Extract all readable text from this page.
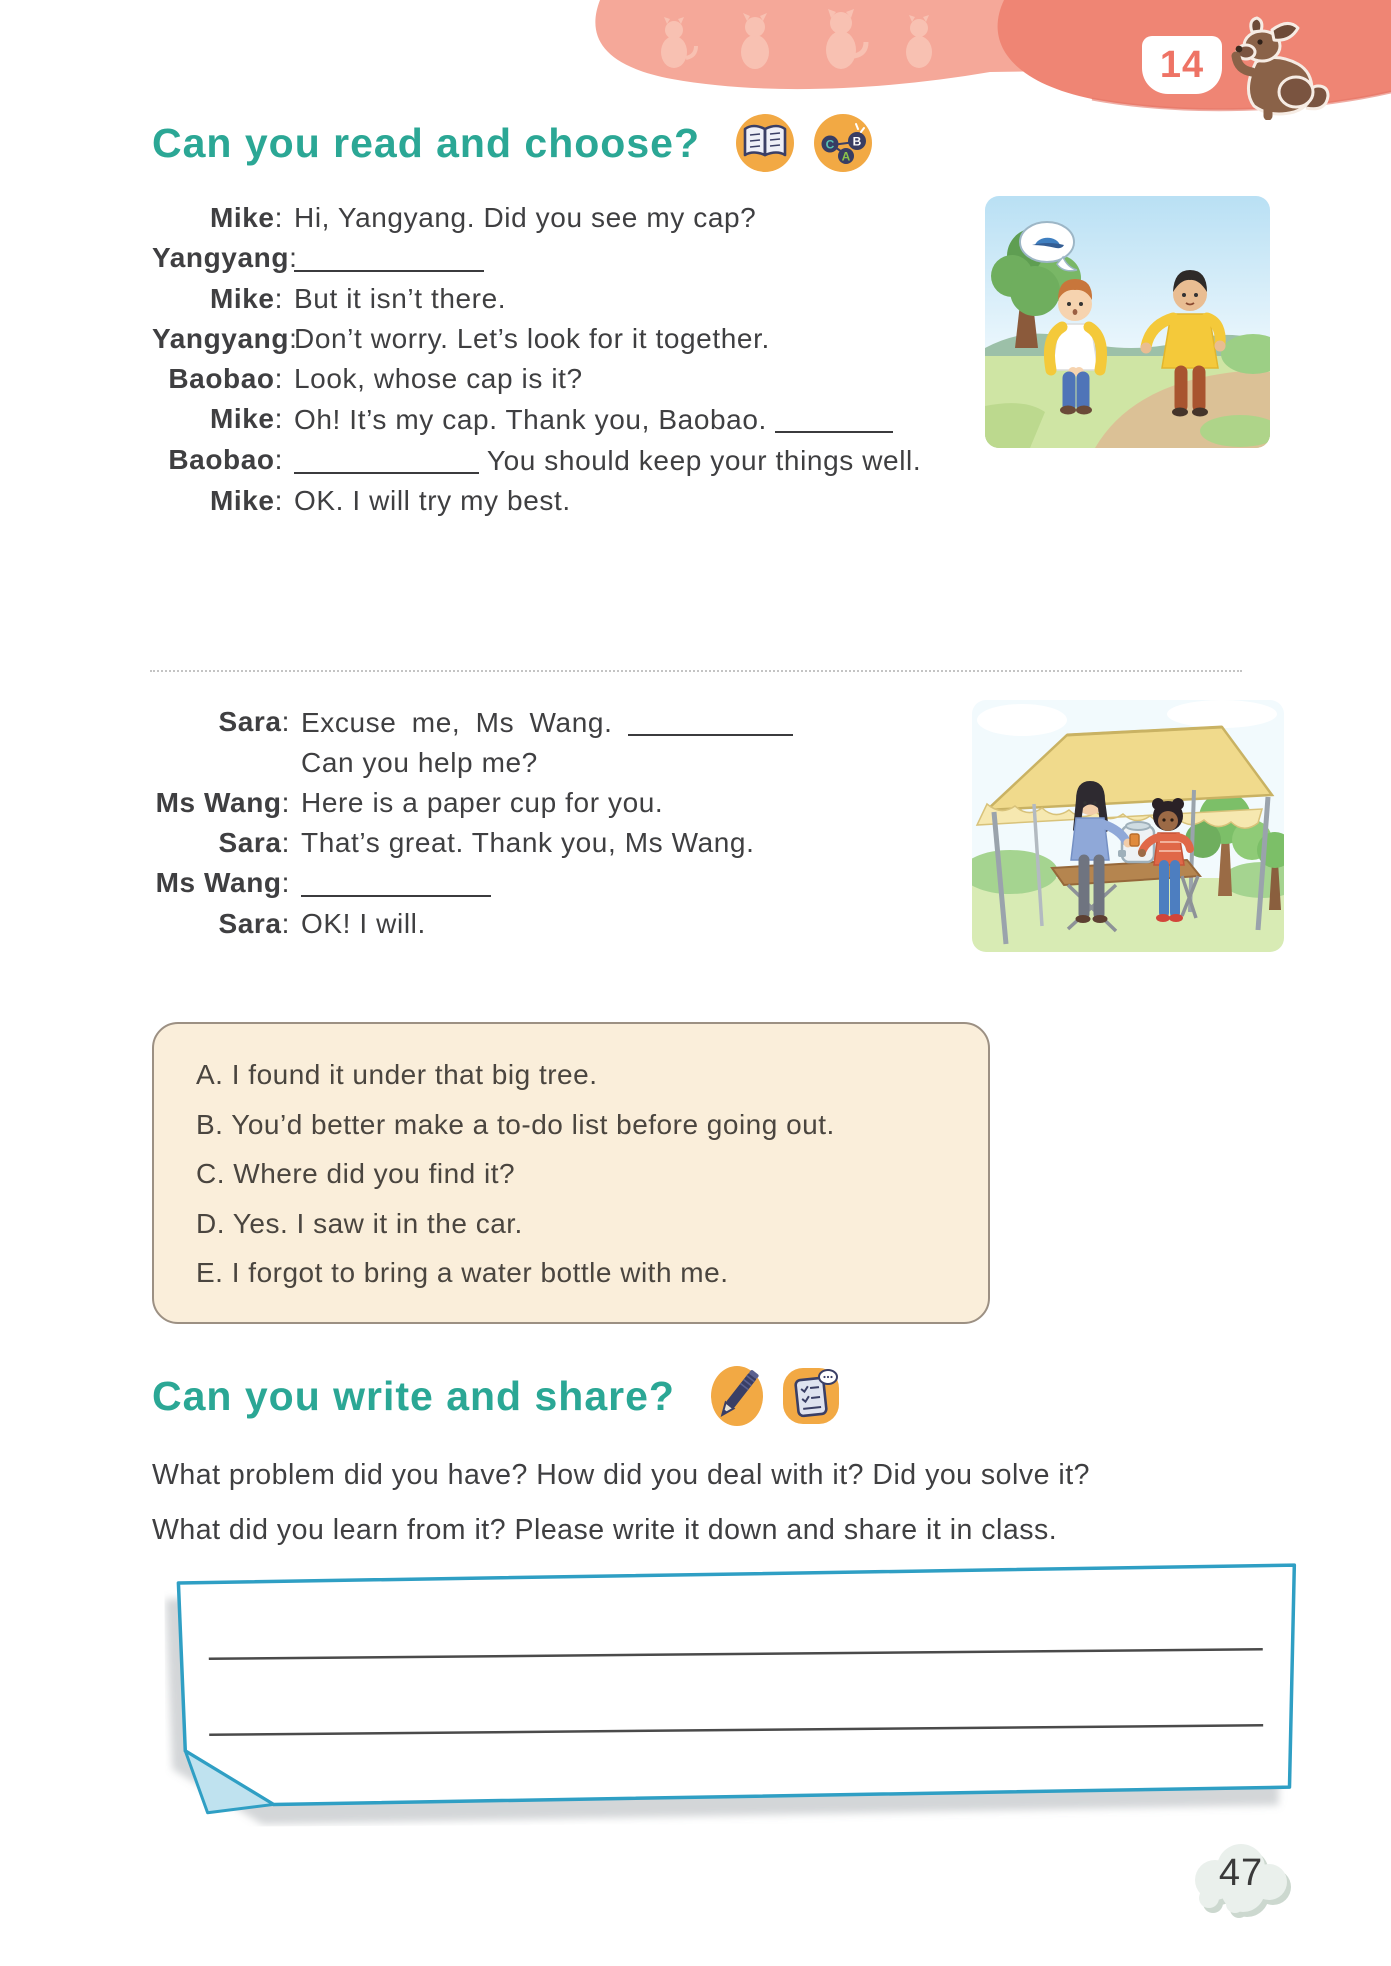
14
Can you read and choose?	C
A
B
Mike : Hi, Yangyang. Did you see my cap?
Yangyang :
Mike : But it isn’t there.
Yangyang : Don’t worry. Let’s look for it together.
Baobao : Look, whose cap is it?
Mike : Oh! It’s my cap. Thank you, Baobao.
Baobao :	You should keep your things well.
Mike : OK. I will try my best.
Sara : Excuse me, Ms Wang.
Can you help me?
Ms Wang : Here is a paper cup for you.
Sara : That’s great. Thank you, Ms Wang.
Ms Wang :
Sara : OK! I will.
A. I found it under that big tree.
B. You’d better make a to-do list before going out.
C. Where did you find it?
D. Yes. I saw it in the car.
E. I forgot to bring a water bottle with me.
Can you write and share?
What problem did you have? How did you deal with it? Did you solve it?
What did you learn from it? Please write it down and share it in class.
47
